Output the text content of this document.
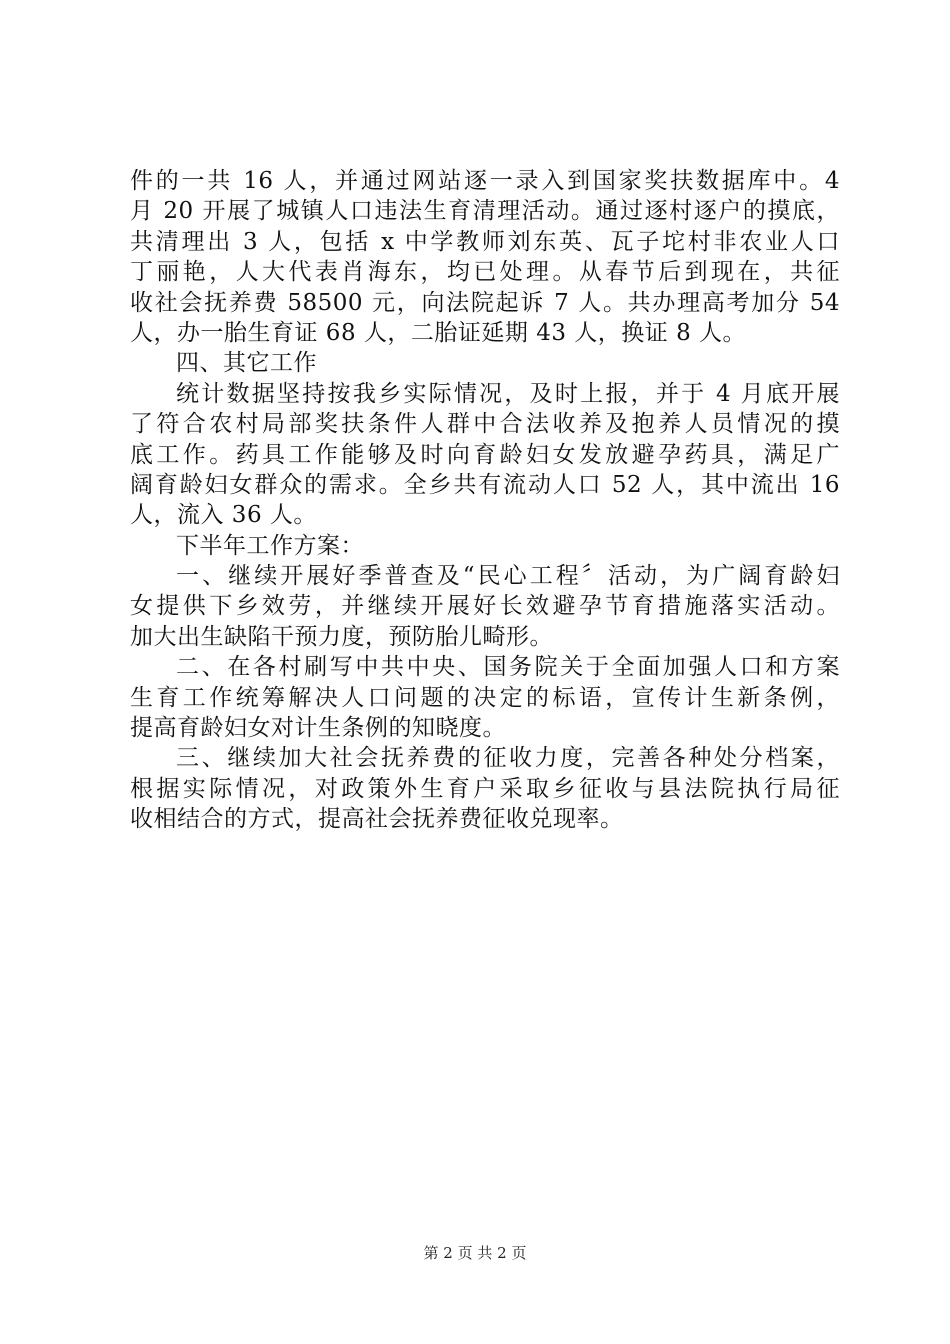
件的一共 16 人，并通过网站逐一录入到国家奖扶数据库中。4
月 20 开展了城镇人口违法生育清理活动。通过逐村逐户的摸底，
共清理出 3 人，包括 x 中学教师刘东英、瓦子坨村非农业人口
丁丽艳，人大代表肖海东，均已处理。从春节后到现在，共征
收社会抚养费 58500 元，向法院起诉 7 人。共办理高考加分 54
人，办一胎生育证 68 人，二胎证延期 43 人，换证 8 人。
四、其它工作
统计数据坚持按我乡实际情况，及时上报，并于 4 月底开展
了符合农村局部奖扶条件人群中合法收养及抱养人员情况的摸
底工作。药具工作能够及时向育龄妇女发放避孕药具，满足广
阔育龄妇女群众的需求。全乡共有流动人口 52 人，其中流出 16
人，流入 36 人。
下半年工作方案：
一、继续开展好季普查及“民心工程〞活动，为广阔育龄妇
女提供下乡效劳，并继续开展好长效避孕节育措施落实活动。
加大出生缺陷干预力度，预防胎儿畸形。
二、在各村刷写中共中央、国务院关于全面加强人口和方案
生育工作统筹解决人口问题的决定的标语，宣传计生新条例，
提高育龄妇女对计生条例的知晓度。
三、继续加大社会抚养费的征收力度，完善各种处分档案，
根据实际情况，对政策外生育户采取乡征收与县法院执行局征
收相结合的方式，提高社会抚养费征收兑现率。
第 2 页 共 2 页
